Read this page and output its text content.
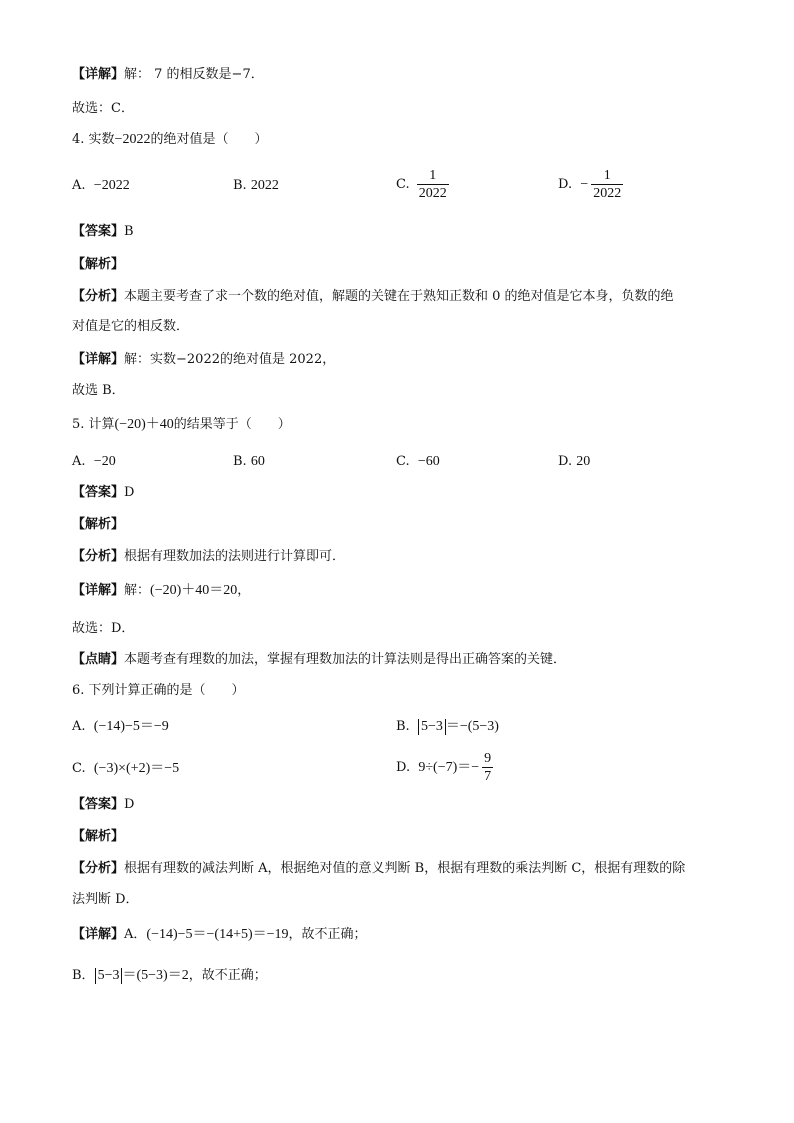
【详解】解： 7 的相反数是−7．
故选：C．
4. 实数−2022的绝对值是（　　）
A. −2022	B. 2022	C. $\frac{1}{2022}$	D. − $\frac{1}{2022}$
【答案】B
【解析】
【分析】本题主要考查了求一个数的绝对值，解题的关键在于熟知正数和 0 的绝对值是它本身，负数的绝
对值是它的相反数．
【详解】解：实数−2022的绝对值是 2022，
故选 B．
5. 计算(−20)＋40的结果等于（　　）
A. −20	B. 60	C. −60	D. 20
【答案】D
【解析】
【分析】根据有理数加法的法则进行计算即可．
【详解】解：(−20)＋40＝20，
故选：D．
【点睛】本题考查有理数的加法，掌握有理数加法的计算法则是得出正确答案的关键．
6. 下列计算正确的是（　　）
A. (−14)−5＝−9	B. 5−3 ＝−(5−3)
C. (−3)×(+2)＝−5	D. $9\div(-7)=- \frac{9}{7}$
【答案】D
【解析】
【分析】根据有理数的减法判断 A，根据绝对值的意义判断 B，根据有理数的乘法判断 C，根据有理数的除
法判断 D．
【详解】A．(−14)−5＝−(14+5)＝−19，故不正确；
B． 5−3 ＝(5−3)＝2，故不正确；
